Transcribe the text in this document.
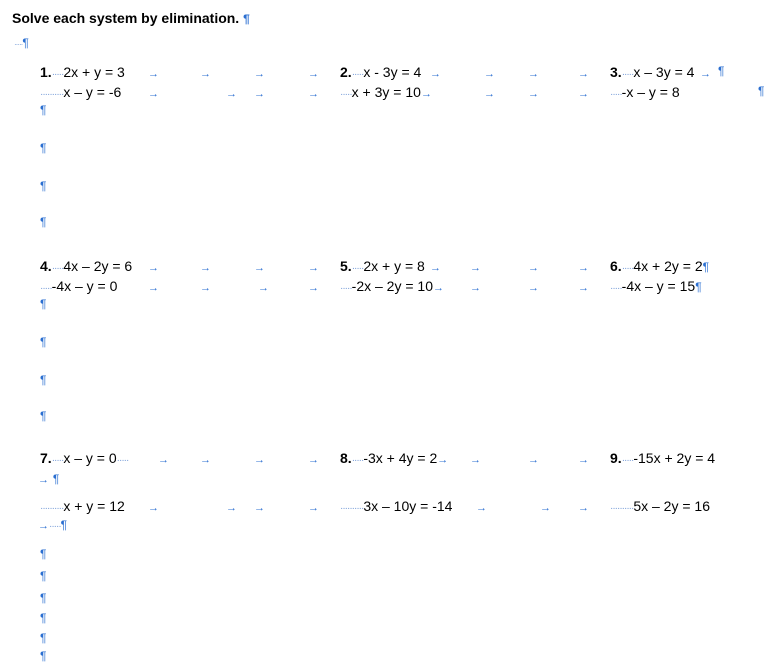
Solve each system by elimination. ¶
·····¶
1.·····2x + y = 3
··········x – y = -6
2.·····x - 3y = 4
·····x + 3y = 10→
3.·····x – 3y = 4
·····-x – y = 8
4.·····4x – 2y = 6
·····-4x – y = 0
5.·····2x + y = 8
·····-2x – 2y = 10→
6.·····4x + 2y = 2¶
·····-4x – y = 15¶
7.·····x – y = 0·····
··········x + y = 12
8.·····-3x + 4y = 2→
··········3x – 10y = -14
9.·····-15x + 2y = 4
··········5x – 2y = 16
→	→	→	→	→	→	→	→	→ ¶
→	→ →	→	→	→	→	¶
→	→	→	→	→	→	→	→
→	→	→	→	→	→	→
→	→	→	→	→	→	→
→ ¶
→	→ →	→	→	→ →
→·····¶
¶
¶
¶
¶
¶
¶
¶
¶
¶
¶
¶
¶
¶
¶
